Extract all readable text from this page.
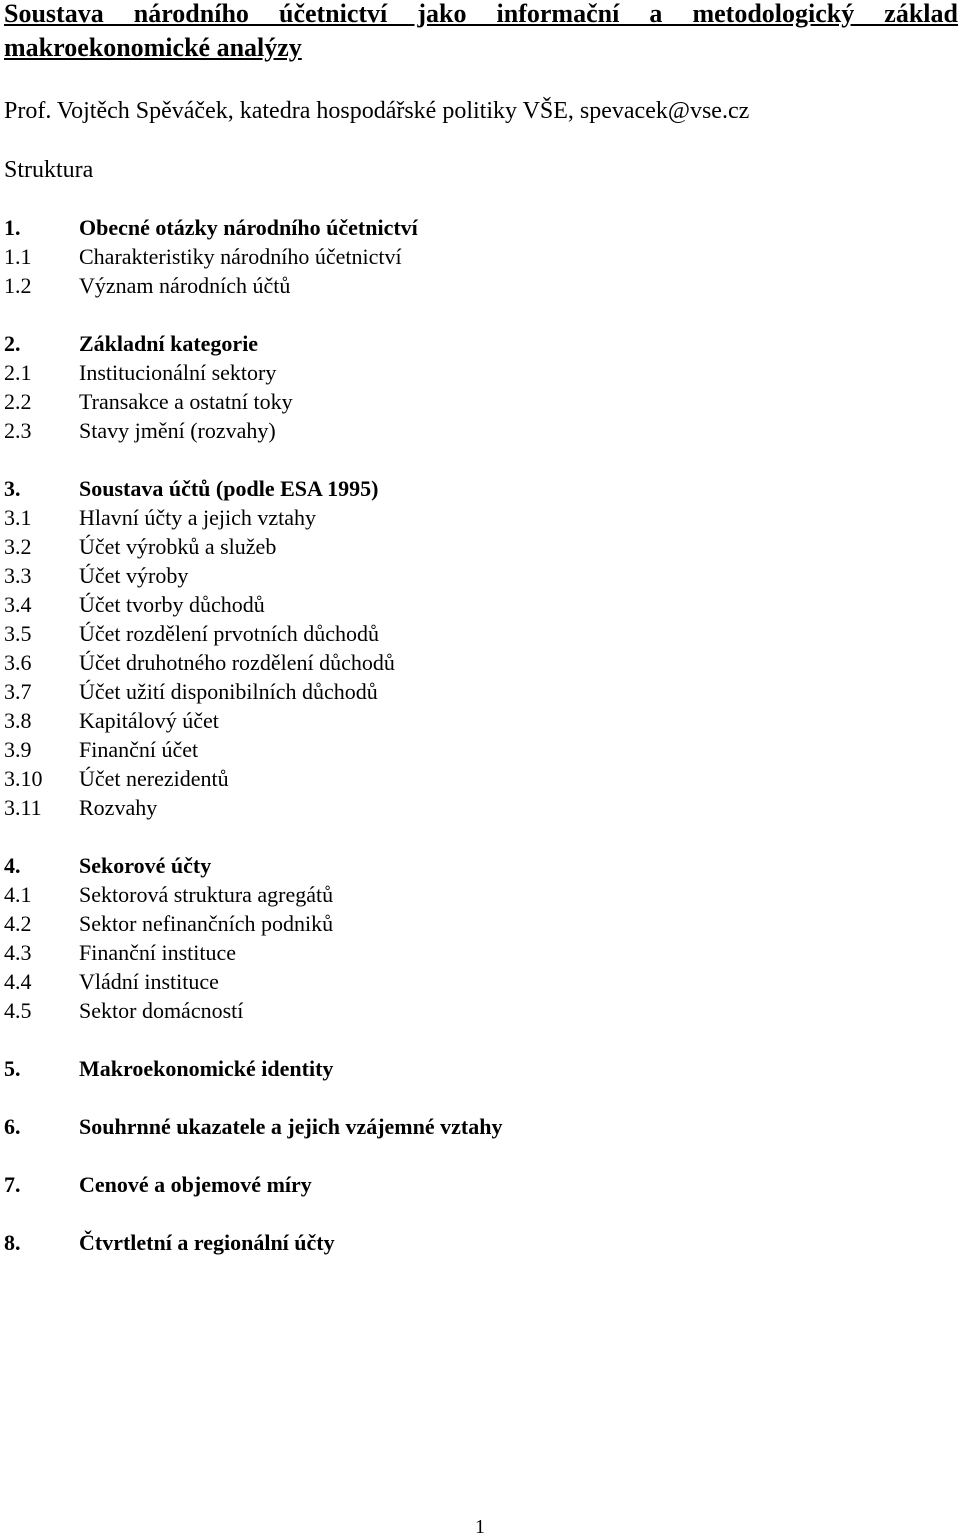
Soustava národního účetnictví jako informační a metodologický základ makroekonomické analýzy

Prof. Vojtěch Spěváček, katedra hospodářské politiky VŠE, spevacek@vse.cz

Struktura

1.	Obecné otázky národního účetnictví
1.1	Charakteristiky národního účetnictví
1.2	Význam národních účtů
2.	Základní kategorie
2.1	Institucionální sektory
2.2	Transakce a ostatní toky
2.3	Stavy jmění (rozvahy)
3.	Soustava účtů (podle ESA 1995)
3.1	Hlavní účty a jejich vztahy
3.2	Účet výrobků a služeb
3.3	Účet výroby
3.4	Účet tvorby důchodů
3.5	Účet rozdělení prvotních důchodů
3.6	Účet druhotného rozdělení důchodů
3.7	Účet užití disponibilních důchodů
3.8	Kapitálový účet
3.9	Finanční účet
3.10	Účet nerezidentů
3.11	Rozvahy
4.	Sekorové účty
4.1	Sektorová struktura agregátů
4.2	Sektor nefinančních podniků
4.3	Finanční instituce
4.4	Vládní instituce
4.5	Sektor domácností
5.	Makroekonomické identity
6.	Souhrnné ukazatele a jejich vzájemné vztahy
7.	Cenové a objemové míry
8.	Čtvrtletní a regionální účty
1
